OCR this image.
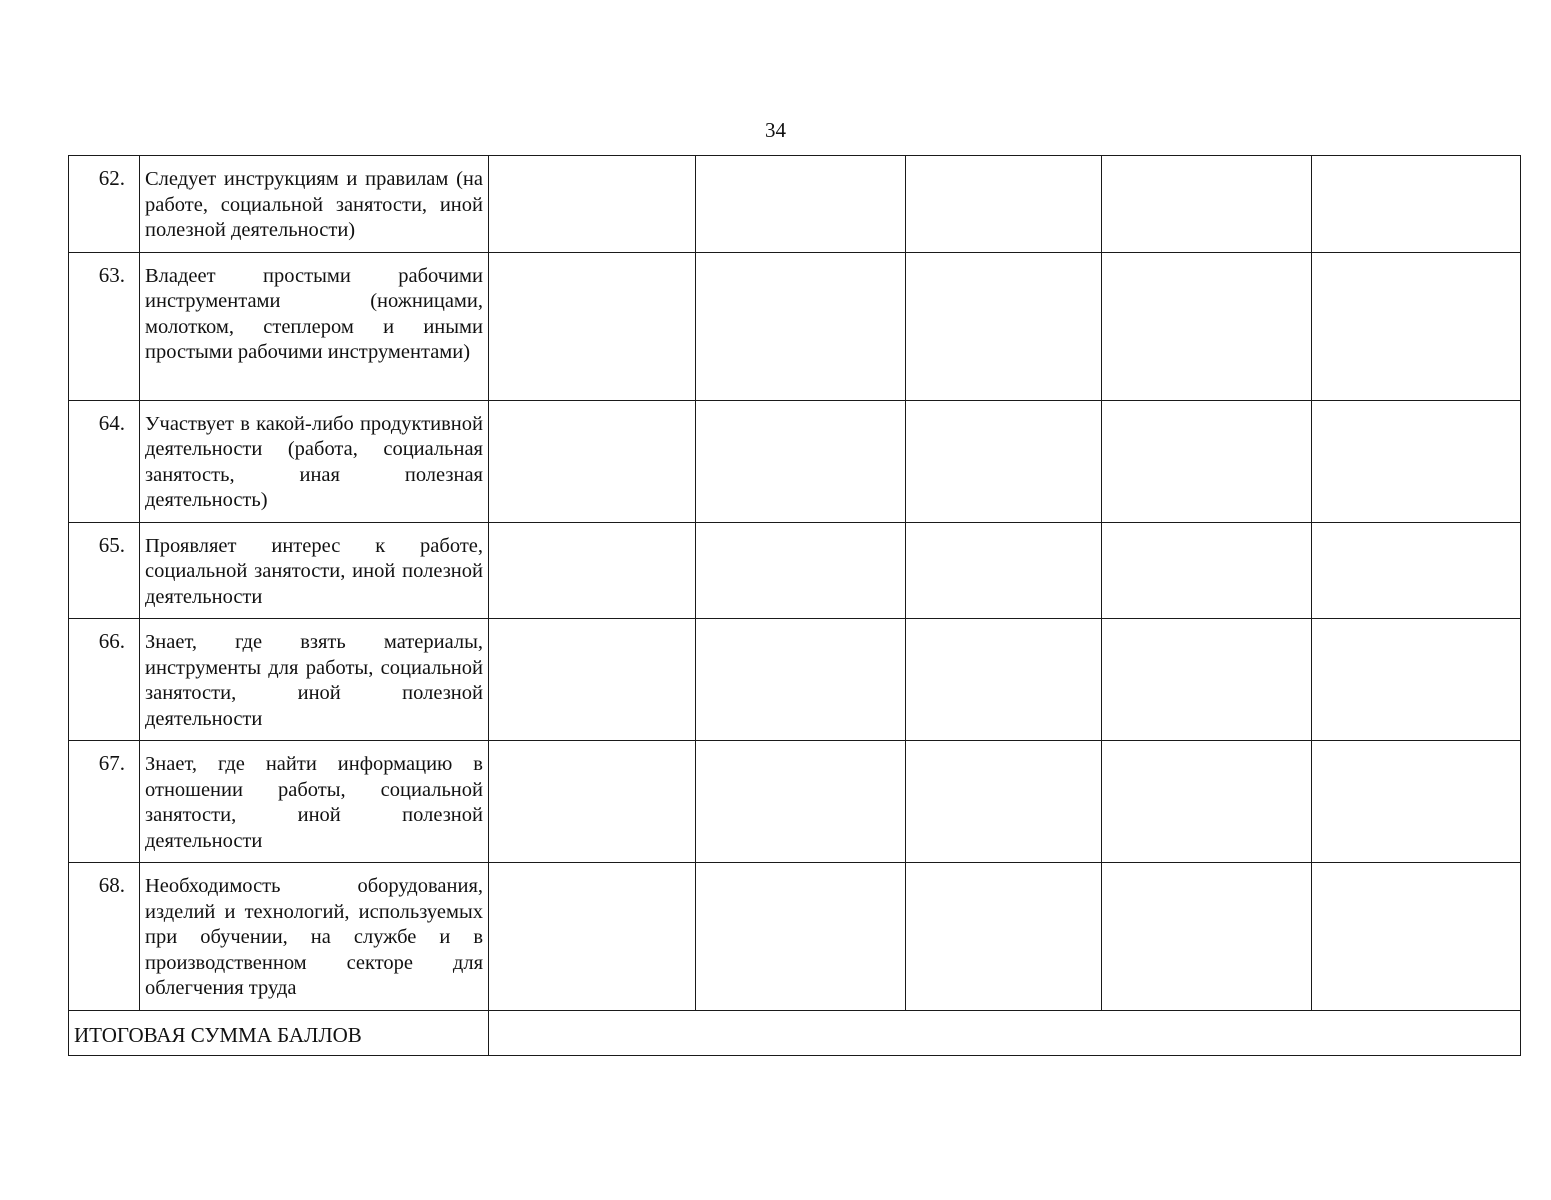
34
62.	Следует инструкциям и правилам (на работе, социальной занятости, иной полезной деятельности)					
63.	Владеет простыми рабочими инструментами (ножницами, молотком, степлером и иными простыми рабочими инструментами)					
64.	Участвует в какой-либо продуктивной деятельности (работа, социальная занятость, иная полезная деятельность)					
65.	Проявляет интерес к работе, социальной занятости, иной полезной деятельности					
66.	Знает, где взять материалы, инструменты для работы, социальной занятости, иной полезной деятельности					
67.	Знает, где найти информацию в отношении работы, социальной занятости, иной полезной деятельности					
68.	Необходимость оборудования, изделий и технологий, используемых при обучении, на службе и в производственном секторе для облегчения труда					
ИТОГОВАЯ СУММА БАЛЛОВ						
